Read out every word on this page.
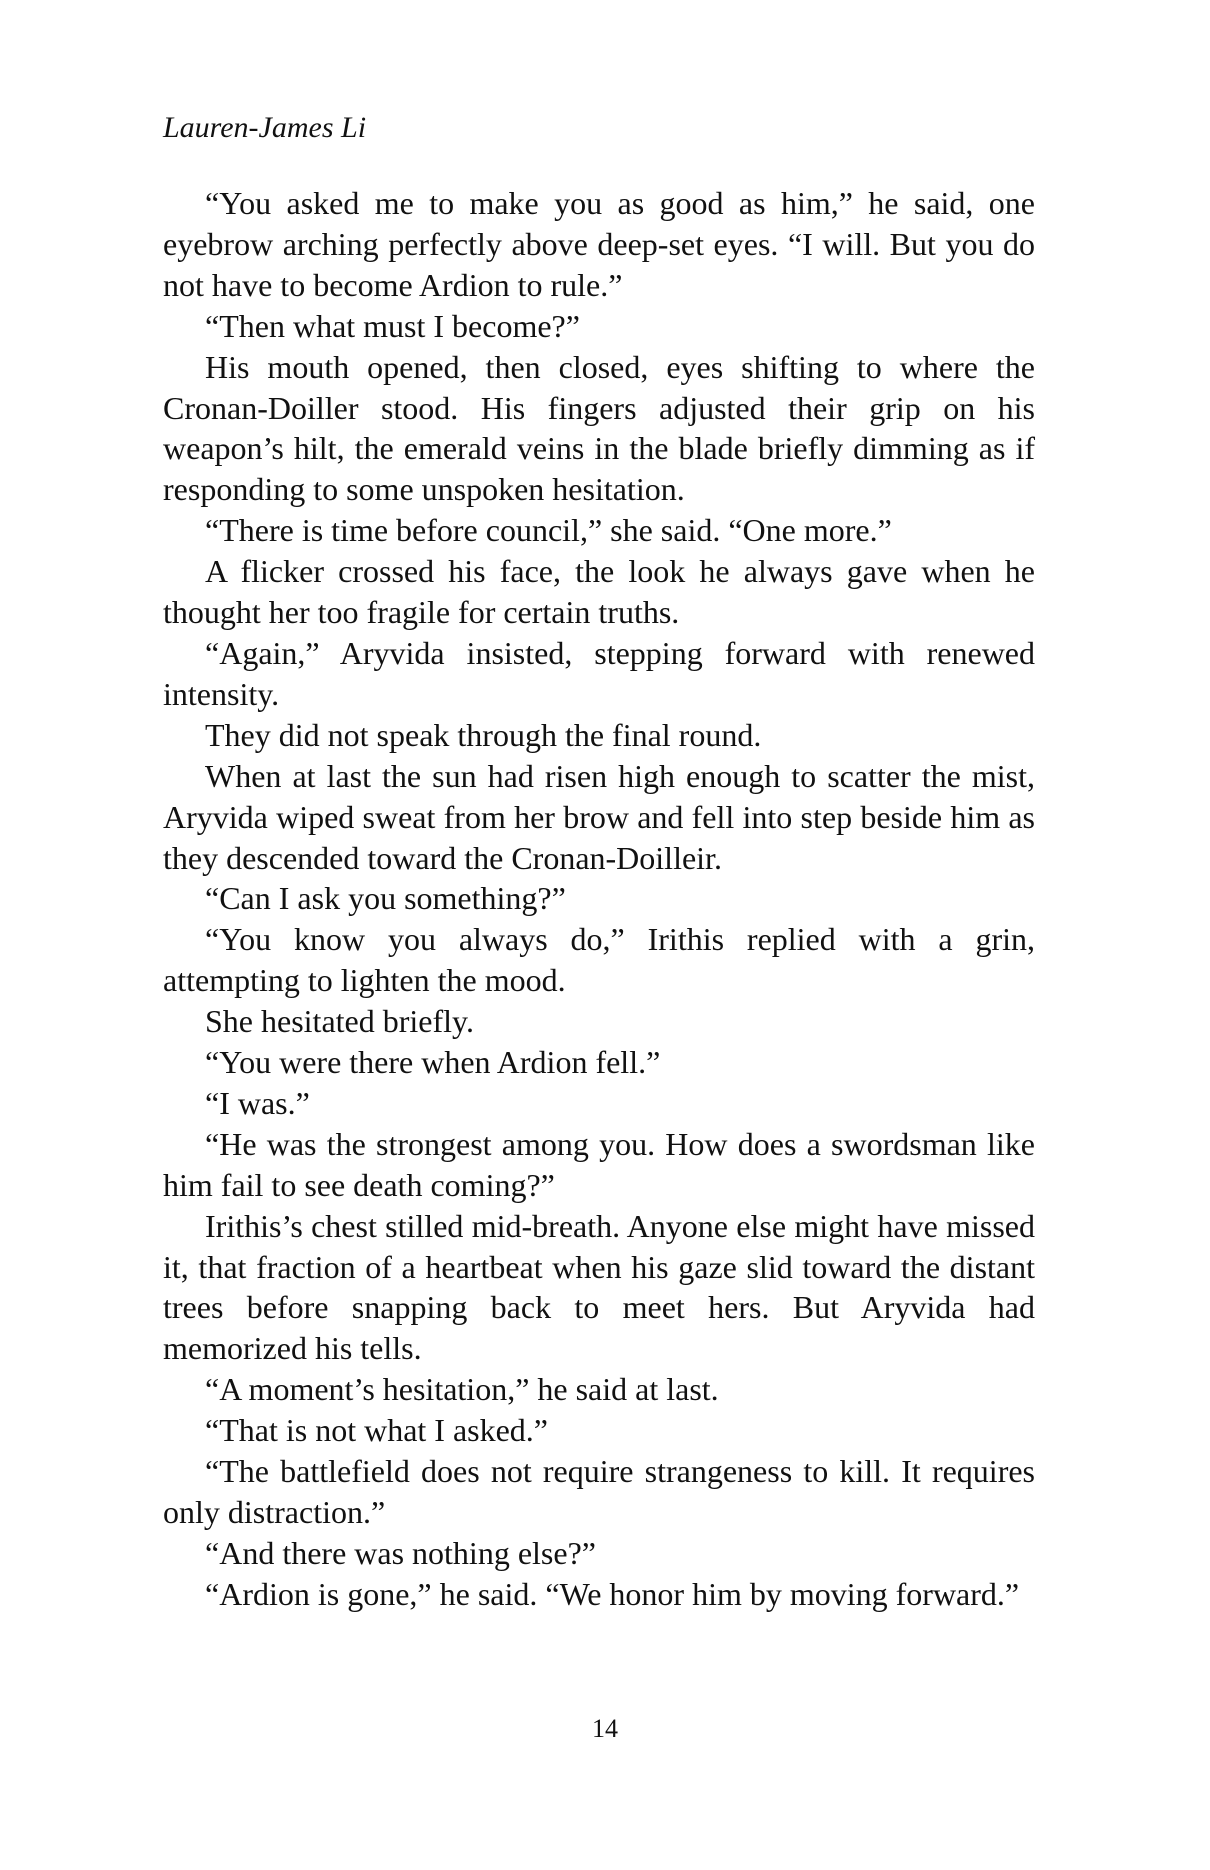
Lauren-James Li

“You asked me to make you as good as him,” he said, one eyebrow arching perfectly above deep-set eyes. “I will. But you do not have to become Ardion to rule.”

“Then what must I become?”

His mouth opened, then closed, eyes shifting to where the Cronan-Doiller stood. His fingers adjusted their grip on his weapon’s hilt, the emerald veins in the blade briefly dimming as if responding to some unspoken hesitation.

“There is time before council,” she said. “One more.”

A flicker crossed his face, the look he always gave when he thought her too fragile for certain truths.

“Again,” Aryvida insisted, stepping forward with renewed intensity.

They did not speak through the final round.

When at last the sun had risen high enough to scatter the mist, Aryvida wiped sweat from her brow and fell into step beside him as they descended toward the Cronan-Doilleir.

“Can I ask you something?”

“You know you always do,” Irithis replied with a grin, attempting to lighten the mood.

She hesitated briefly.

“You were there when Ardion fell.”

“I was.”

“He was the strongest among you. How does a swordsman like him fail to see death coming?”

Irithis’s chest stilled mid-breath. Anyone else might have missed it, that fraction of a heartbeat when his gaze slid toward the distant trees before snapping back to meet hers. But Aryvida had memorized his tells.

“A moment’s hesitation,” he said at last.

“That is not what I asked.”

“The battlefield does not require strangeness to kill. It requires only distraction.”

“And there was nothing else?”

“Ardion is gone,” he said. “We honor him by moving forward.”

14
